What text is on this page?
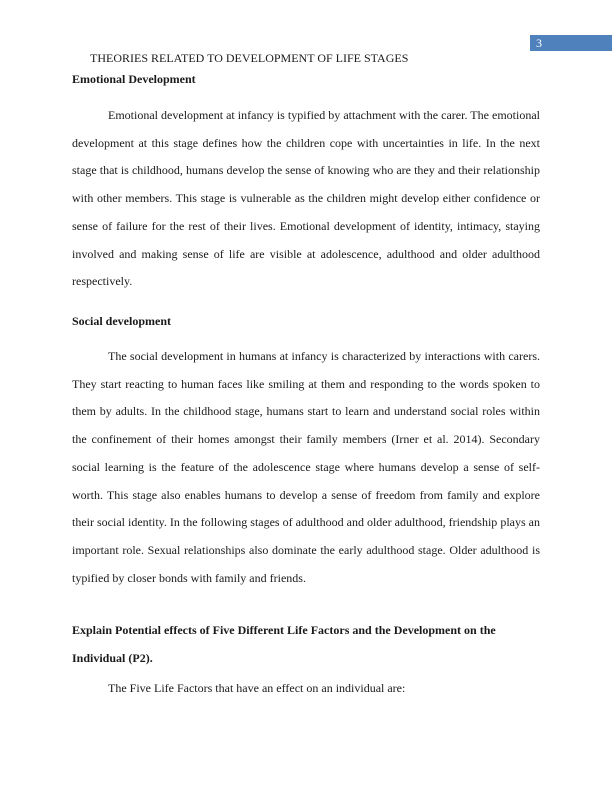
3
THEORIES RELATED TO DEVELOPMENT OF LIFE STAGES
Emotional Development

Emotional development at infancy is typified by attachment with the carer. The emotional development at this stage defines how the children cope with uncertainties in life. In the next stage that is childhood, humans develop the sense of knowing who are they and their relationship with other members. This stage is vulnerable as the children might develop either confidence or sense of failure for the rest of their lives. Emotional development of identity, intimacy, staying involved and making sense of life are visible at adolescence, adulthood and older adulthood respectively.

Social development

The social development in humans at infancy is characterized by interactions with carers. They start reacting to human faces like smiling at them and responding to the words spoken to them by adults. In the childhood stage, humans start to learn and understand social roles within the confinement of their homes amongst their family members (Irner et al. 2014). Secondary social learning is the feature of the adolescence stage where humans develop a sense of self-worth. This stage also enables humans to develop a sense of freedom from family and explore their social identity. In the following stages of adulthood and older adulthood, friendship plays an important role. Sexual relationships also dominate the early adulthood stage. Older adulthood is typified by closer bonds with family and friends.

Explain Potential effects of Five Different Life Factors and the Development on the Individual (P2).

The Five Life Factors that have an effect on an individual are:
